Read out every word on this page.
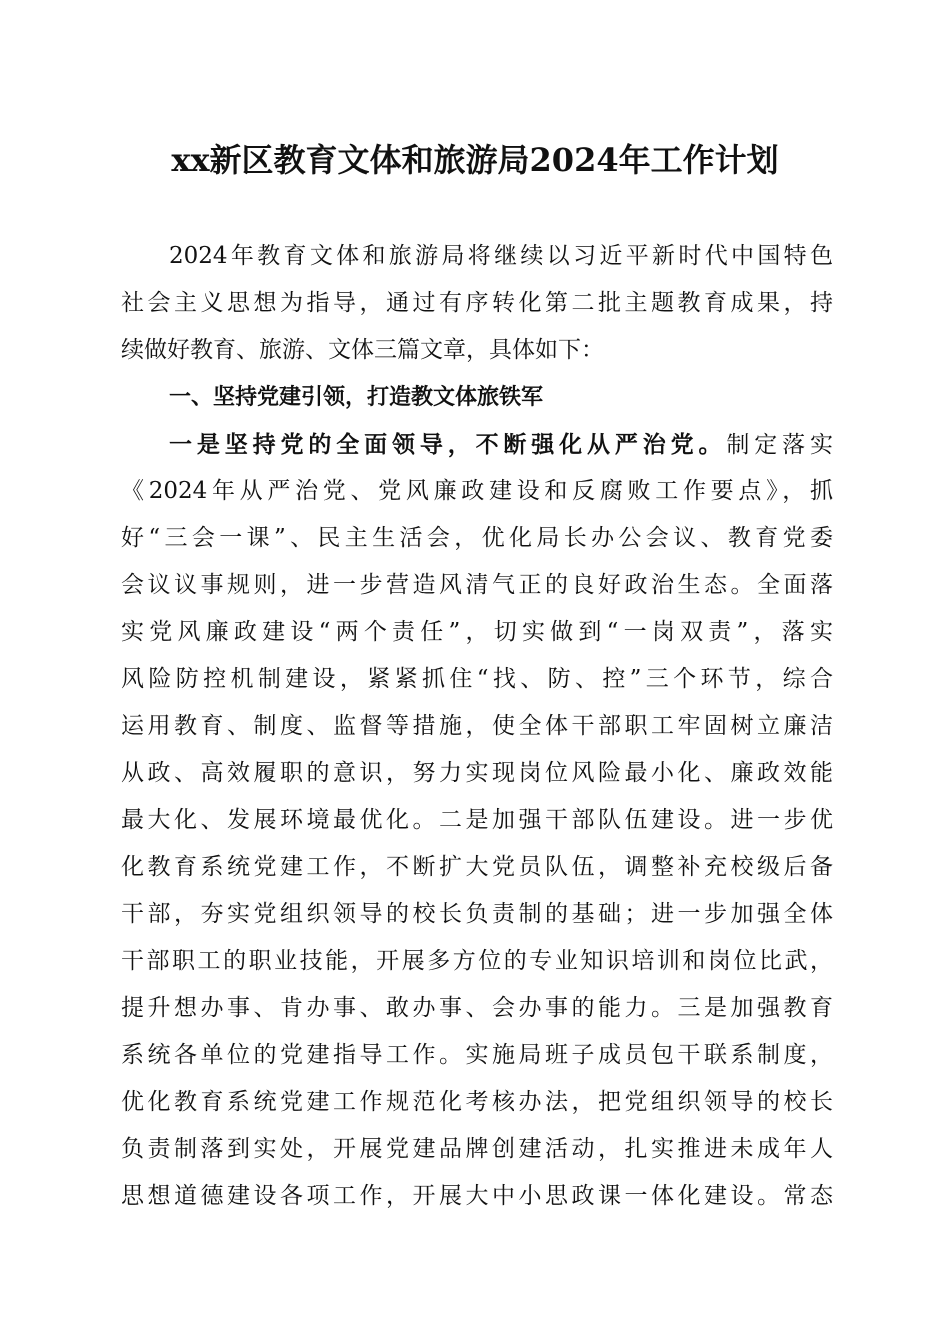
xx新区教育文体和旅游局2024年工作计划
2024年教育文体和旅游局将继续以习近平新时代中国特色
社会主义思想为指导，通过有序转化第二批主题教育成果，持
续做好教育、旅游、文体三篇文章，具体如下：
一、坚持党建引领，打造教文体旅铁军
一是坚持党的全面领导，不断强化从严治党。制定落实
《2024年从严治党、党风廉政建设和反腐败工作要点》，抓
好“三会一课”、民主生活会，优化局长办公会议、教育党委
会议议事规则，进一步营造风清气正的良好政治生态。全面落
实党风廉政建设“两个责任”，切实做到“一岗双责”，落实
风险防控机制建设，紧紧抓住“找、防、控”三个环节，综合
运用教育、制度、监督等措施，使全体干部职工牢固树立廉洁
从政、高效履职的意识，努力实现岗位风险最小化、廉政效能
最大化、发展环境最优化。二是加强干部队伍建设。进一步优
化教育系统党建工作，不断扩大党员队伍，调整补充校级后备
干部，夯实党组织领导的校长负责制的基础；进一步加强全体
干部职工的职业技能，开展多方位的专业知识培训和岗位比武，
提升想办事、肯办事、敢办事、会办事的能力。三是加强教育
系统各单位的党建指导工作。实施局班子成员包干联系制度，
优化教育系统党建工作规范化考核办法，把党组织领导的校长
负责制落到实处，开展党建品牌创建活动，扎实推进未成年人
思想道德建设各项工作，开展大中小思政课一体化建设。常态
